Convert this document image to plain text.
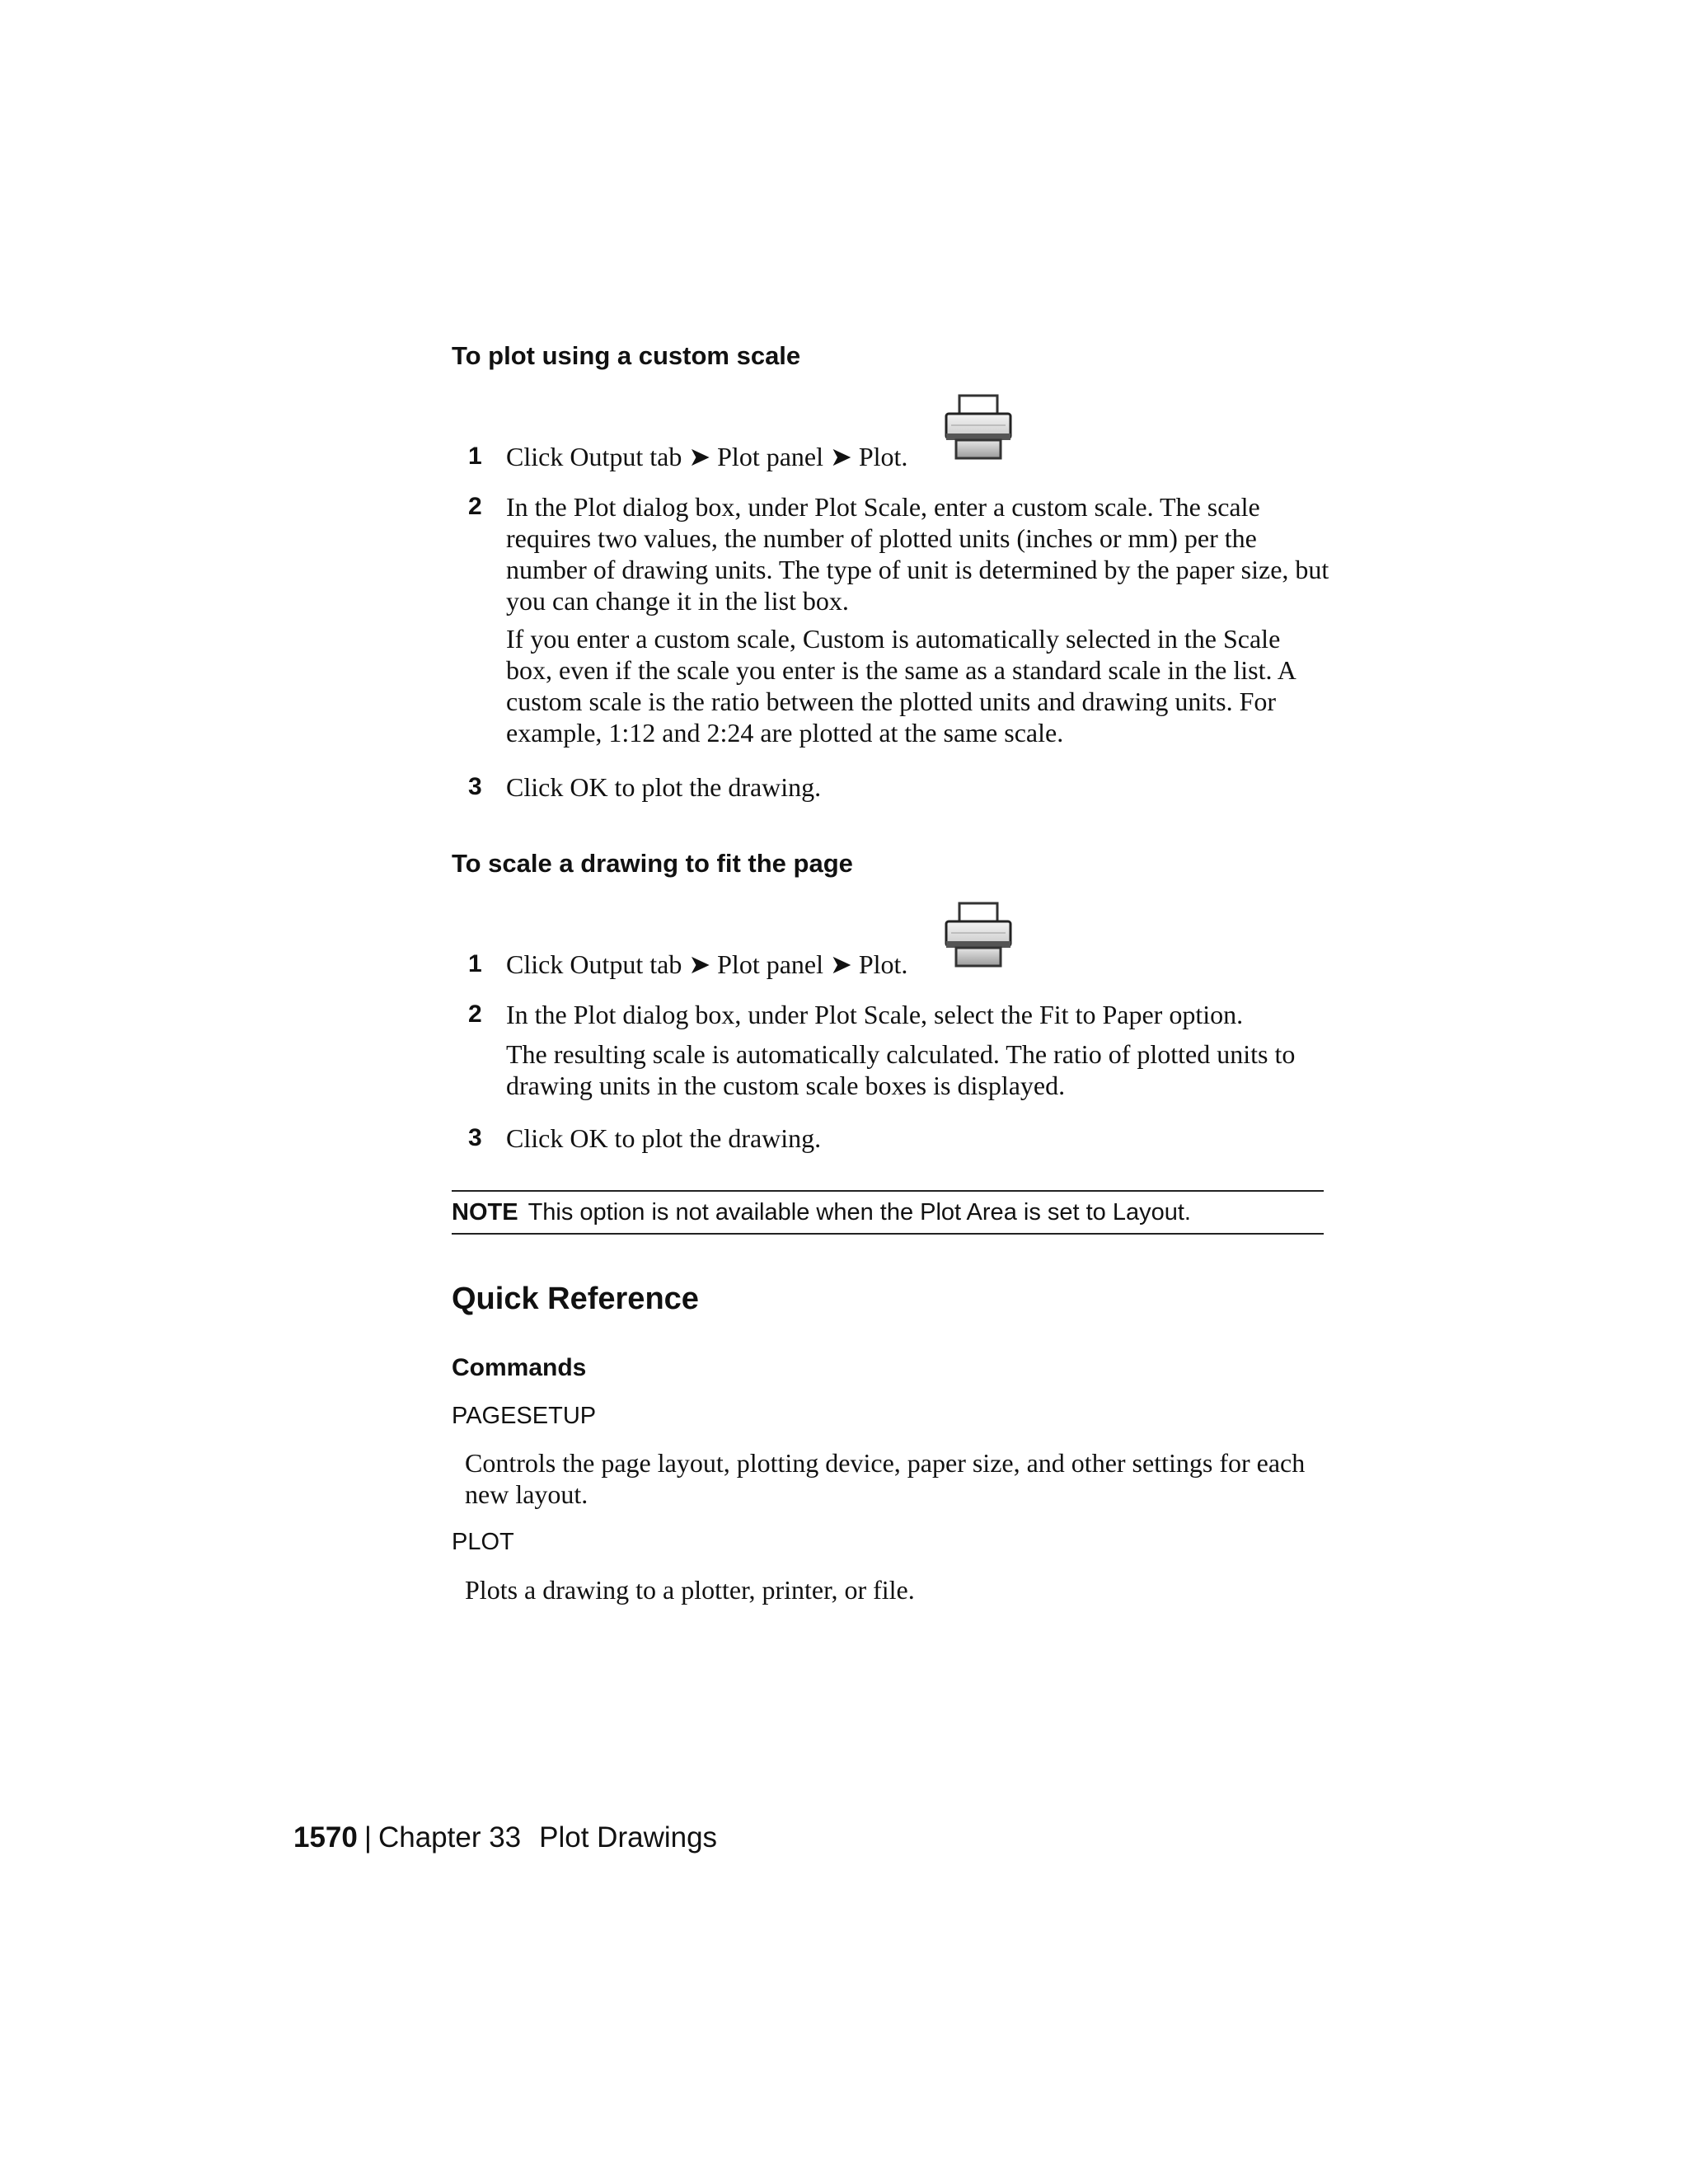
To plot using a custom scale
1 Click Output tab ➤ Plot panel ➤ Plot.

2 In the Plot dialog box, under Plot Scale, enter a custom scale. The scale requires two values, the number of plotted units (inches or mm) per the number of drawing units. The type of unit is determined by the paper size, but you can change it in the list box.

If you enter a custom scale, Custom is automatically selected in the Scale box, even if the scale you enter is the same as a standard scale in the list. A custom scale is the ratio between the plotted units and drawing units. For example, 1:12 and 2:24 are plotted at the same scale.

3 Click OK to plot the drawing.

To scale a drawing to fit the page
1 Click Output tab ➤ Plot panel ➤ Plot.

2 In the Plot dialog box, under Plot Scale, select the Fit to Paper option.

The resulting scale is automatically calculated. The ratio of plotted units to drawing units in the custom scale boxes is displayed.

3 Click OK to plot the drawing.

NOTE This option is not available when the Plot Area is set to Layout.
Quick Reference
Commands
PAGESETUP

Controls the page layout, plotting device, paper size, and other settings for each new layout.

PLOT

Plots a drawing to a plotter, printer, or file.

1570 | Chapter 33 Plot Drawings
